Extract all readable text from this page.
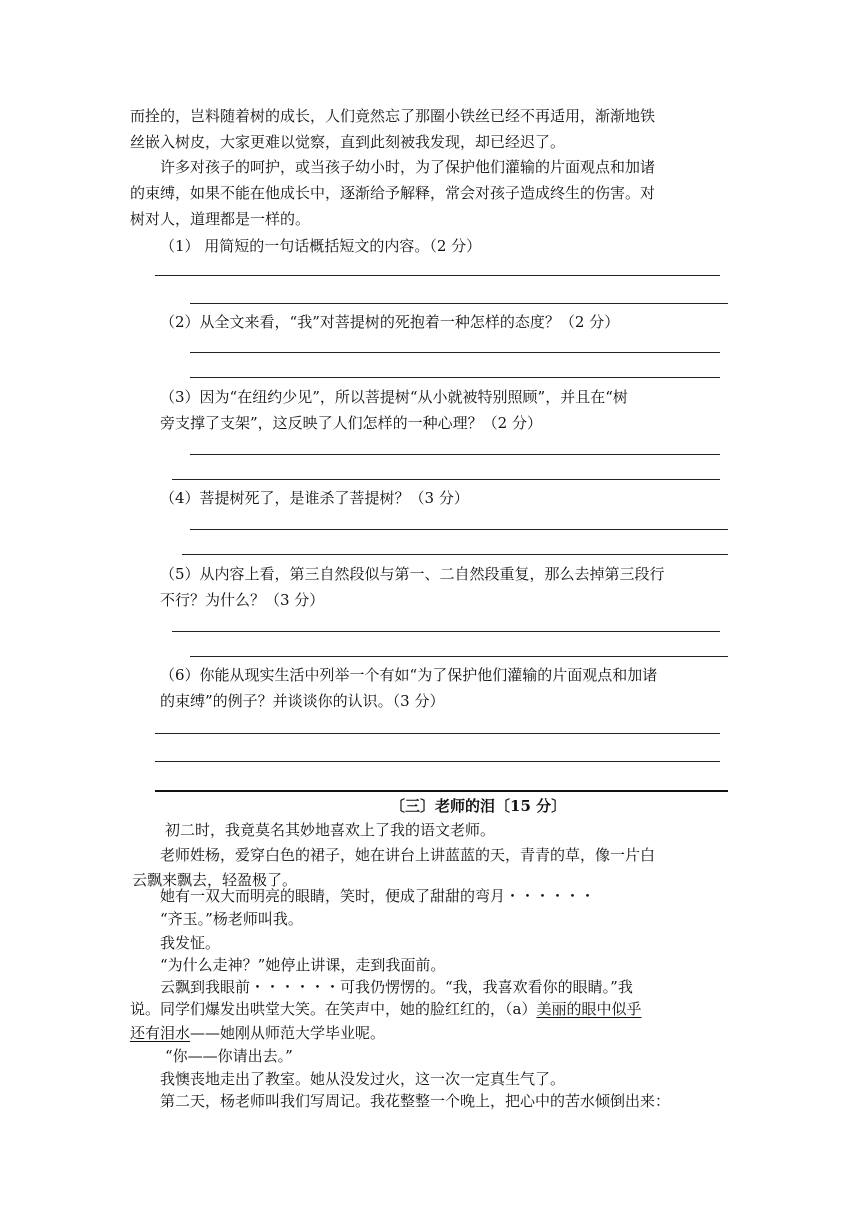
而拴的，岂料随着树的成长，人们竟然忘了那圈小铁丝已经不再适用，渐渐地铁
丝嵌入树皮，大家更难以觉察，直到此刻被我发现，却已经迟了。
许多对孩子的呵护，或当孩子幼小时，为了保护他们灌输的片面观点和加诸
的束缚，如果不能在他成长中，逐渐给予解释，常会对孩子造成终生的伤害。对
树对人，道理都是一样的。
（1） 用简短的一句话概括短文的内容。（2 分）
（2）从全文来看，“我”对菩提树的死抱着一种怎样的态度？（2 分）
（3）因为“在纽约少见”，所以菩提树“从小就被特别照顾”，并且在“树
旁支撑了支架”，这反映了人们怎样的一种心理？（2 分）
（4）菩提树死了，是谁杀了菩提树？（3 分）
（5）从内容上看，第三自然段似与第一、二自然段重复，那么去掉第三段行
不行？为什么？（3 分）
（6）你能从现实生活中列举一个有如“为了保护他们灌输的片面观点和加诸
的束缚”的例子？并谈谈你的认识。（3 分）
〔三〕老师的泪〔15 分〕
初二时，我竟莫名其妙地喜欢上了我的语文老师。
老师姓杨，爱穿白色的裙子，她在讲台上讲蓝蓝的天，青青的草，像一片白
云飘来飘去，轻盈极了。
她有一双大而明亮的眼睛，笑时，便成了甜甜的弯月・・・・・・
“齐玉。”杨老师叫我。
我发怔。
“为什么走神？”她停止讲课，走到我面前。
云飘到我眼前・・・・・・可我仍愣愣的。“我，我喜欢看你的眼睛。”我
说。同学们爆发出哄堂大笑。在笑声中，她的脸红红的，（a）美丽的眼中似乎
还有泪水——她刚从师范大学毕业呢。
“你——你请出去。”
我懊丧地走出了教室。她从没发过火，这一次一定真生气了。
第二天，杨老师叫我们写周记。我花整整一个晚上，把心中的苦水倾倒出来：
